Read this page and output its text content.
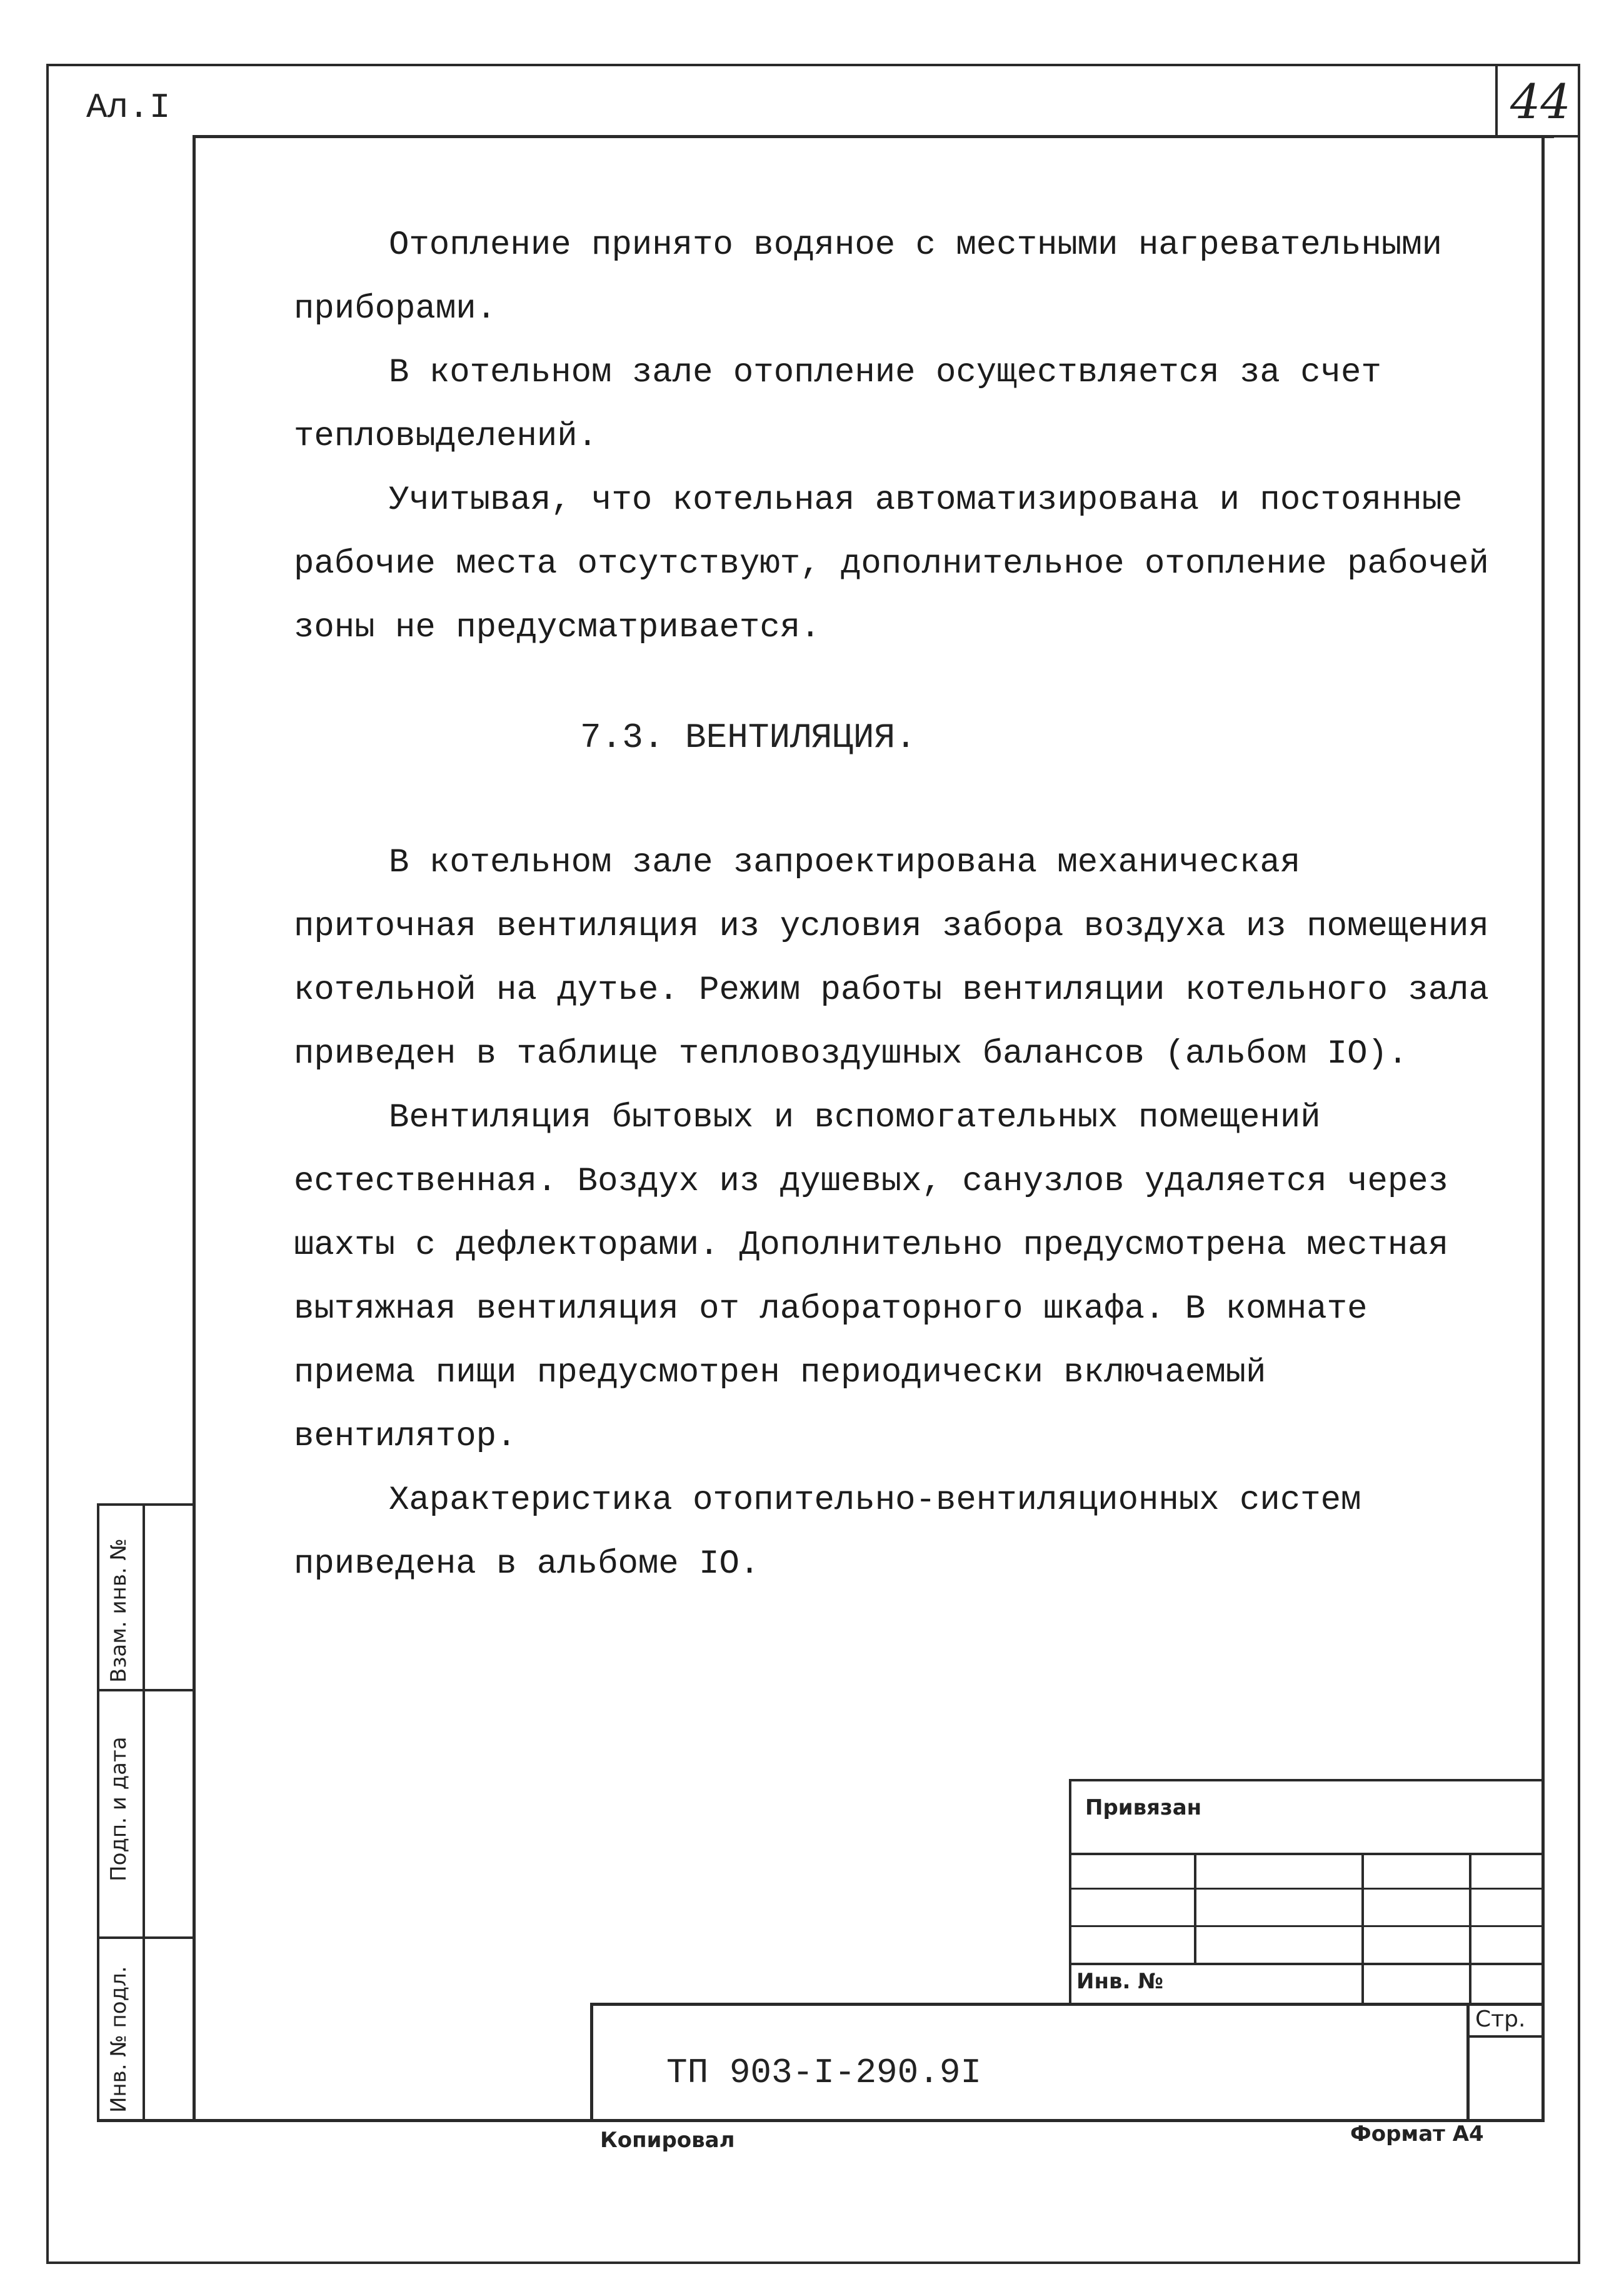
Ал.I	44

Отопление принято водяное с местными нагревательными приборами.

В котельном зале отопление осуществляется за счет тепловыделений.

Учитывая, что котельная автоматизирована и постоянные рабочие места отсутствуют, дополнительное отопление рабочей зоны не предусматривается.

7.3. ВЕНТИЛЯЦИЯ.

В котельном зале запроектирована механическая приточная вентиляция из условия забора воздуха из помещения котельной на дутье. Режим работы вентиляции котельного зала приведен в таблице тепловоздушных балансов (альбом IO).

Вентиляция бытовых и вспомогательных помещений естественная. Воздух из душевых, санузлов удаляется через шахты с дефлекторами. Дополнительно предусмотрена местная вытяжная вентиляция от лабораторного шкафа. В комнате приема пищи предусмотрен периодически включаемый вентилятор.

Характеристика отопительно-вентиляционных систем приведена в альбоме IO.

Взам. инв. №
Подп. и дата
Инв. № подл.
Привязан
Инв. №
Стр.
ТП 903-I-290.9I
Копировал	Формат А4
